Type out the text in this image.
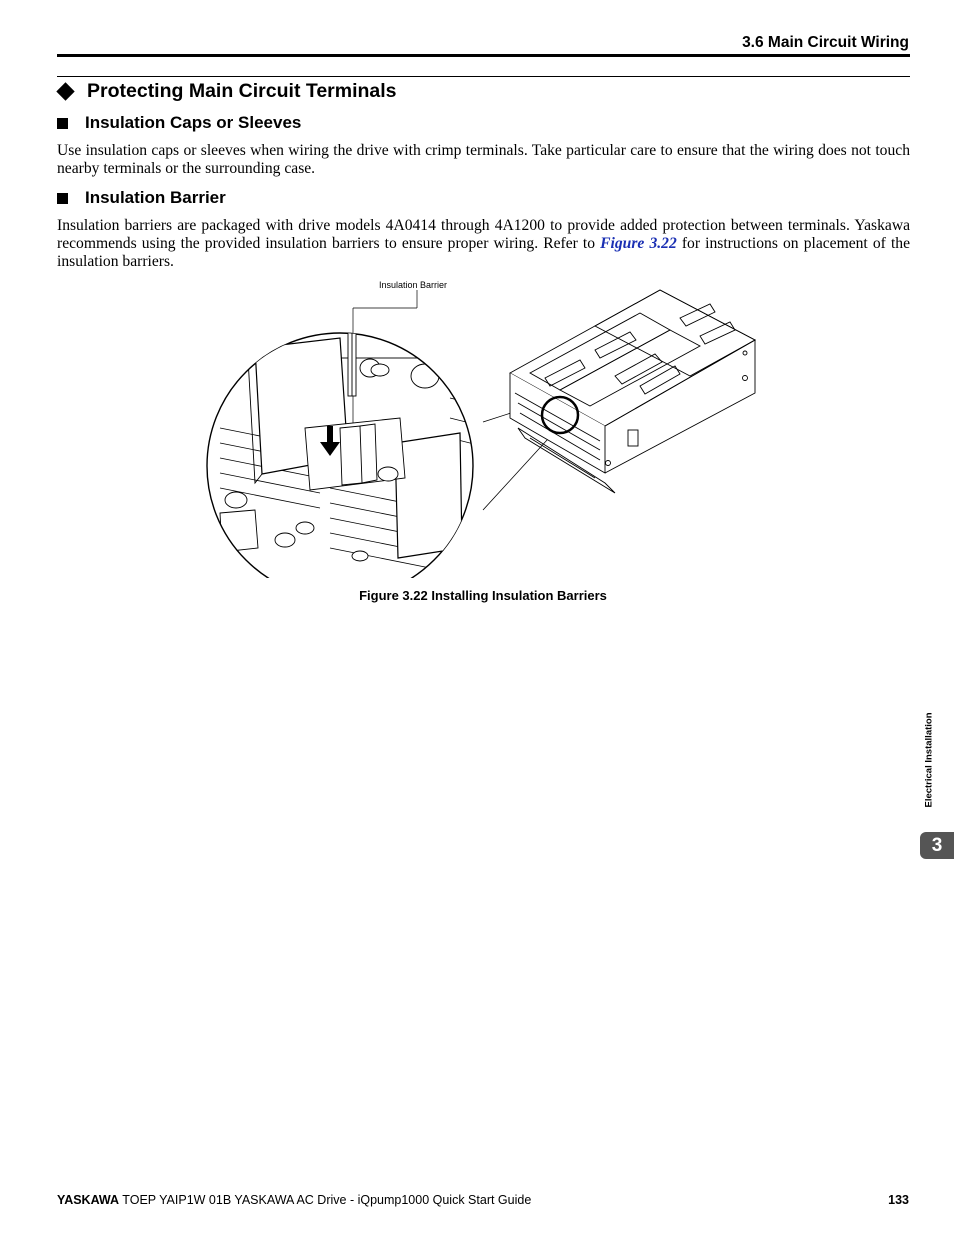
3.6 Main Circuit Wiring
Protecting Main Circuit Terminals
Insulation Caps or Sleeves
Use insulation caps or sleeves when wiring the drive with crimp terminals. Take particular care to ensure that the wiring does not touch nearby terminals or the surrounding case.
Insulation Barrier
Insulation barriers are packaged with drive models 4A0414 through 4A1200 to provide added protection between terminals. Yaskawa recommends using the provided insulation barriers to ensure proper wiring. Refer to Figure 3.22 for instructions on placement of the insulation barriers.
Insulation Barrier
Figure 3.22 Installing Insulation Barriers
Electrical Installation
3
YASKAWA TOEP YAIP1W 01B YASKAWA AC Drive - iQpump1000 Quick Start Guide	133
